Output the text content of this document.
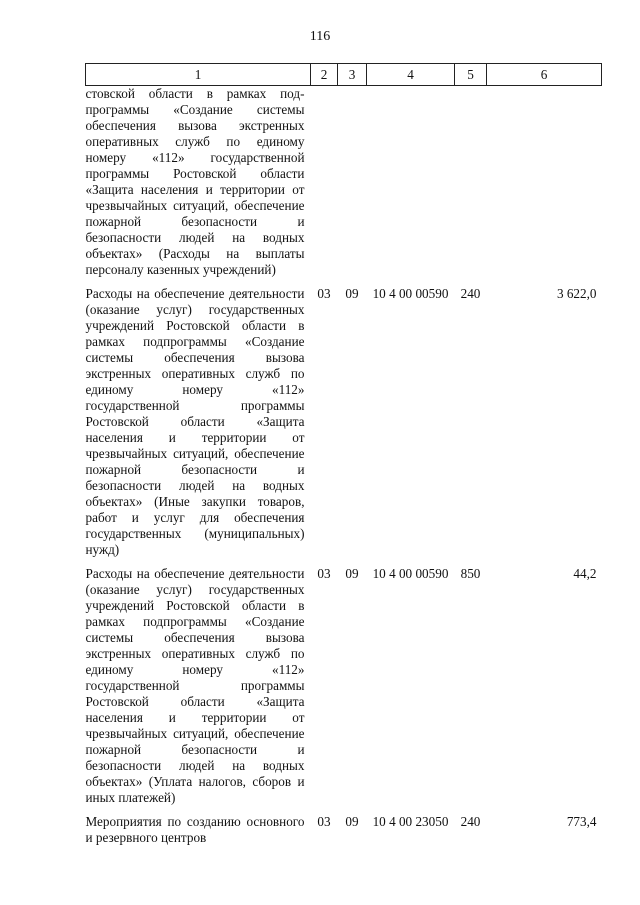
116
1	2	3	4	5	6
стовской области в рамках подпрограммы «Создание системы обеспечения вызова экстренных оперативных служб по единому номеру «112» государственной программы Ростовской области «Защита населения и территории от чрезвычайных ситуаций, обеспечение пожарной безопасности и безопасности людей на водных объектах» (Расходы на выплаты персоналу казенных учреждений)					
Расходы на обеспечение деятельности (оказание услуг) государственных учреждений Ростовской области в рамках подпрограммы «Создание системы обеспечения вызова экстренных оперативных служб по единому номеру «112» государственной программы Ростовской области «Защита населения и территории от чрезвычайных ситуаций, обеспечение пожарной безопасности и безопасности людей на водных объектах» (Иные закупки товаров, работ и услуг для обеспечения государственных (муниципальных) нужд)	03	09	10 4 00 00590	240	3 622,0
Расходы на обеспечение деятельности (оказание услуг) государственных учреждений Ростовской области в рамках подпрограммы «Создание системы обеспечения вызова экстренных оперативных служб по единому номеру «112» государственной программы Ростовской области «Защита населения и территории от чрезвычайных ситуаций, обеспечение пожарной безопасности и безопасности людей на водных объектах» (Уплата налогов, сборов и иных платежей)	03	09	10 4 00 00590	850	44,2
Мероприятия по созданию основного и резервного центров	03	09	10 4 00 23050	240	773,4
